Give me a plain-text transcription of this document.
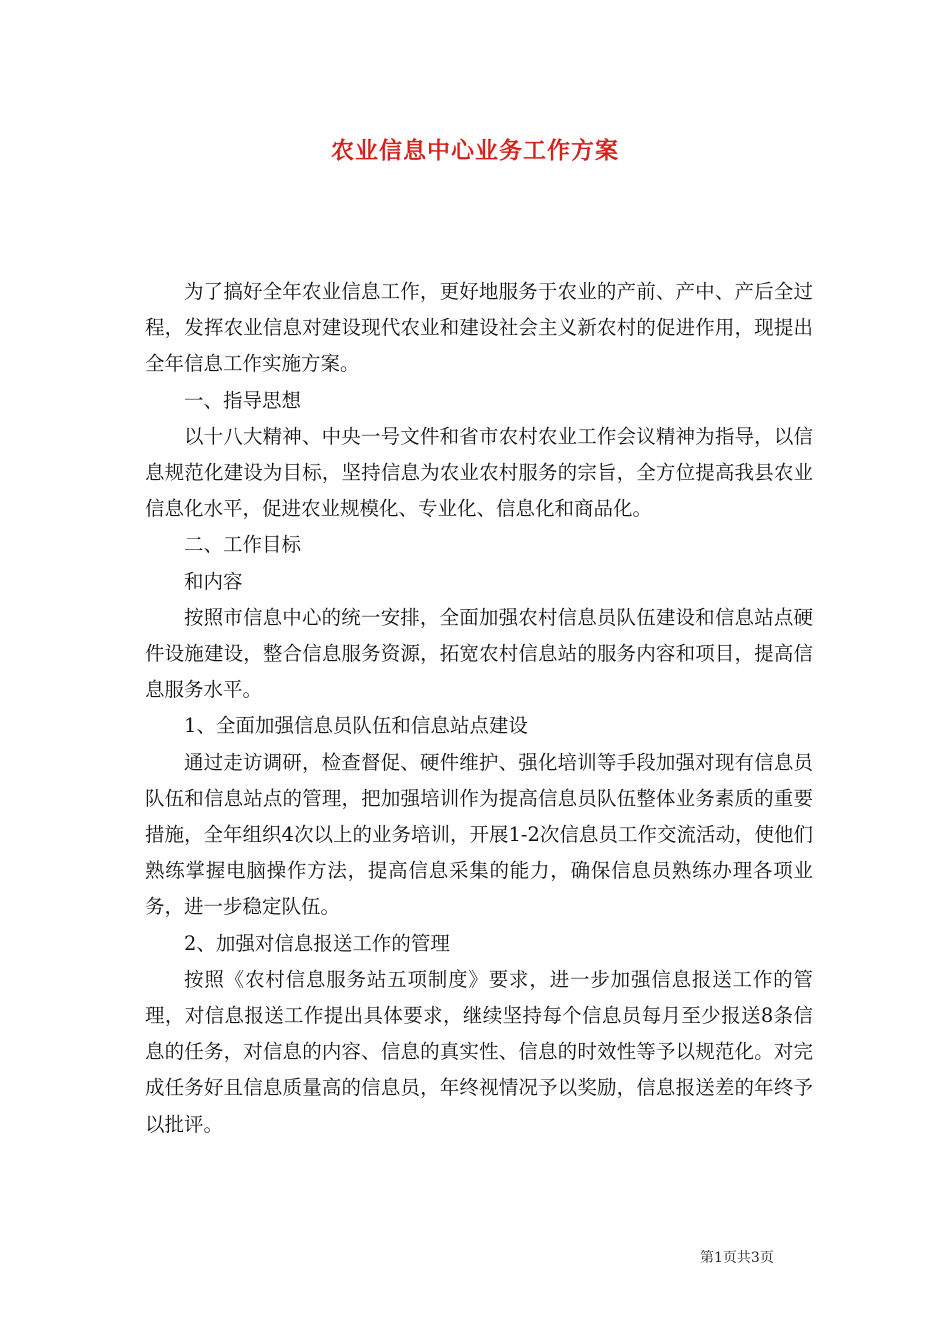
农业信息中心业务工作方案

为了搞好全年农业信息工作，更好地服务于农业的产前、产中、产后全过程，发挥农业信息对建设现代农业和建设社会主义新农村的促进作用，现提出全年信息工作实施方案。

一、指导思想

以十八大精神、中央一号文件和省市农村农业工作会议精神为指导，以信息规范化建设为目标，坚持信息为农业农村服务的宗旨，全方位提高我县农业信息化水平，促进农业规模化、专业化、信息化和商品化。

二、工作目标

和内容

按照市信息中心的统一安排，全面加强农村信息员队伍建设和信息站点硬件设施建设，整合信息服务资源，拓宽农村信息站的服务内容和项目，提高信息服务水平。

1、全面加强信息员队伍和信息站点建设

通过走访调研，检查督促、硬件维护、强化培训等手段加强对现有信息员队伍和信息站点的管理，把加强培训作为提高信息员队伍整体业务素质的重要措施，全年组织4次以上的业务培训，开展1-2次信息员工作交流活动，使他们熟练掌握电脑操作方法，提高信息采集的能力，确保信息员熟练办理各项业务，进一步稳定队伍。

2、加强对信息报送工作的管理

按照《农村信息服务站五项制度》要求，进一步加强信息报送工作的管理，对信息报送工作提出具体要求，继续坚持每个信息员每月至少报送8条信息的任务，对信息的内容、信息的真实性、信息的时效性等予以规范化。对完成任务好且信息质量高的信息员，年终视情况予以奖励，信息报送差的年终予以批评。

第1页共3页
